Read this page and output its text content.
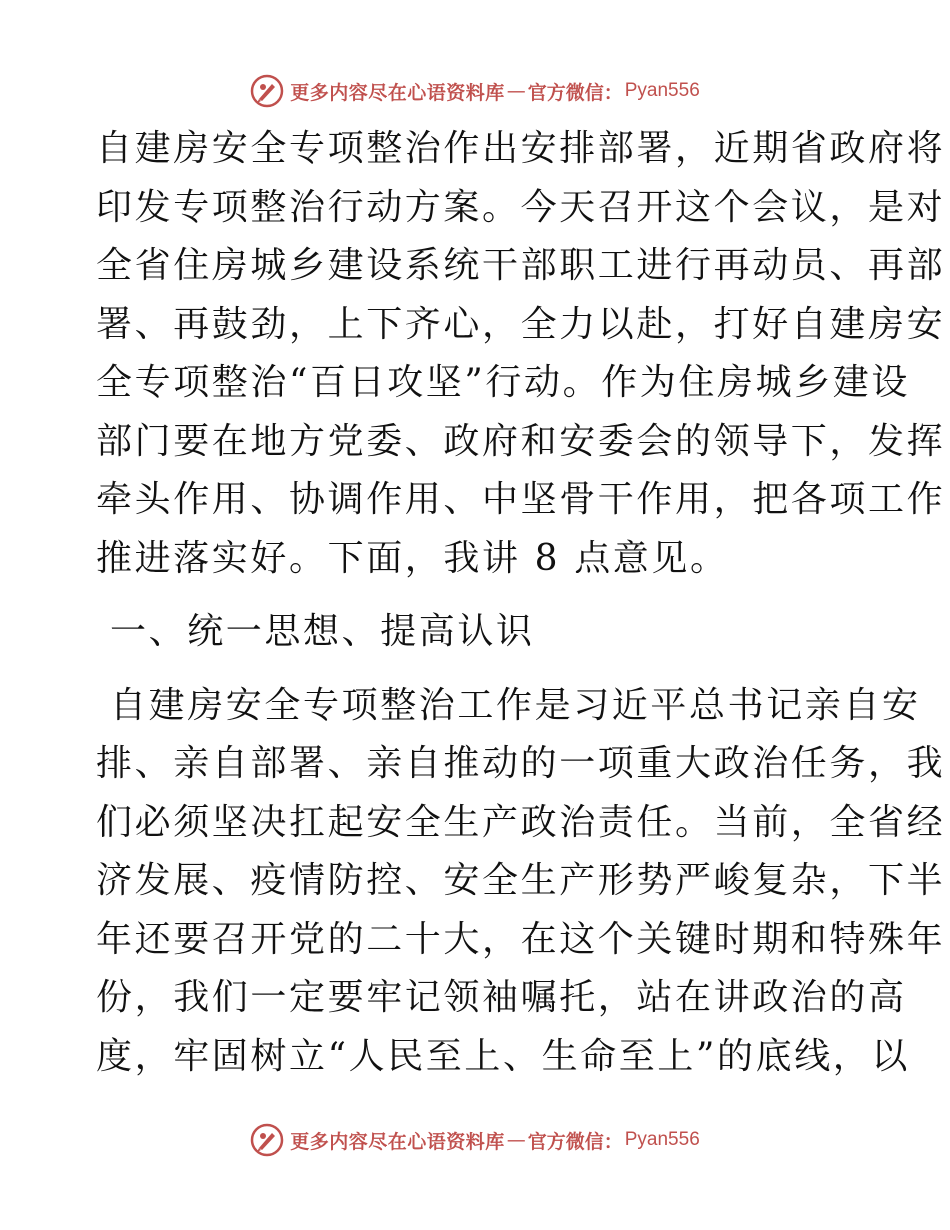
更多内容尽在心语资料库 — 官方微信： Pyan556
自建房安全专项整治作出安排部署，近期省政府将
印发专项整治行动方案。今天召开这个会议，是对
全省住房城乡建设系统干部职工进行再动员、再部
署、再鼓劲，上下齐心，全力以赴，打好自建房安
全专项整治“百日攻坚”行动。作为住房城乡建设
部门要在地方党委、政府和安委会的领导下，发挥
牵头作用、协调作用、中坚骨干作用，把各项工作
推进落实好。下面，我讲 8 点意见。
一、统一思想、提高认识
自建房安全专项整治工作是习近平总书记亲自安
排、亲自部署、亲自推动的一项重大政治任务，我
们必须坚决扛起安全生产政治责任。当前，全省经
济发展、疫情防控、安全生产形势严峻复杂，下半
年还要召开党的二十大，在这个关键时期和特殊年
份，我们一定要牢记领袖嘱托，站在讲政治的高
度，牢固树立“人民至上、生命至上”的底线，以
更多内容尽在心语资料库 — 官方微信： Pyan556
